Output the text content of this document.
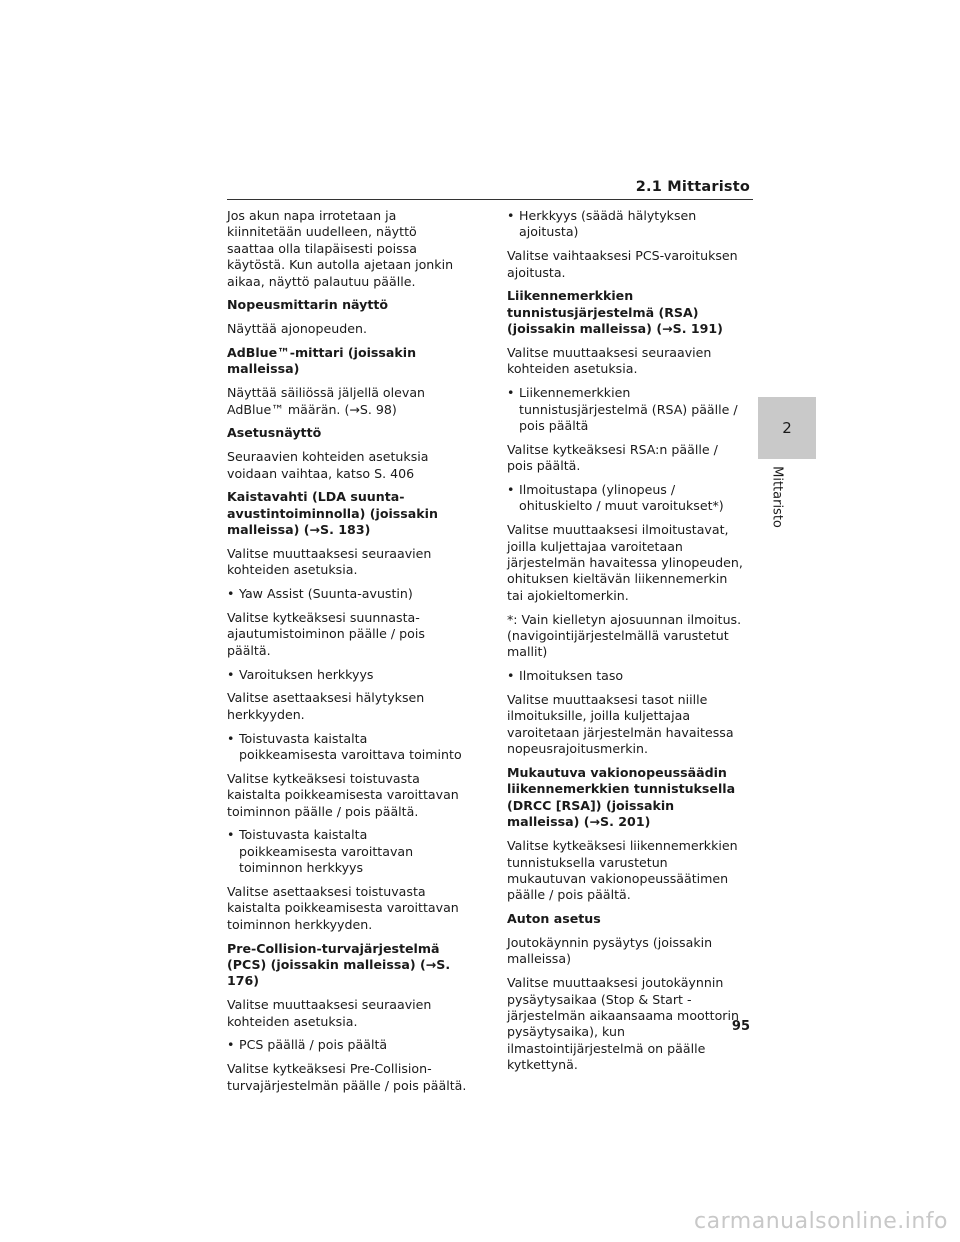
2.1 Mittaristo
Jos akun napa irrotetaan ja kiinnitetään uudelleen, näyttö saattaa olla tilapäisesti poissa käytöstä. Kun autolla ajetaan jonkin aikaa, näyttö palautuu päälle.
Nopeusmittarin näyttö
Näyttää ajonopeuden.
AdBlue™-mittari (joissakin malleissa)
Näyttää säiliössä jäljellä olevan AdBlue™ määrän. (→S. 98)
Asetusnäyttö
Seuraavien kohteiden asetuksia voidaan vaihtaa, katso S. 406
Kaistavahti (LDA suunta-avustintoiminnolla) (joissakin malleissa) (→S. 183)
Valitse muuttaaksesi seuraavien kohteiden asetuksia.
• Yaw Assist (Suunta-avustin)
Valitse kytkeäksesi suunnasta-ajautumistoiminon päälle / pois päältä.
• Varoituksen herkkyys
Valitse asettaaksesi hälytyksen herkkyyden.
• Toistuvasta kaistalta poikkeamisesta varoittava toiminto
Valitse kytkeäksesi toistuvasta kaistalta poikkeamisesta varoittavan toiminnon päälle / pois päältä.
• Toistuvasta kaistalta poikkeamisesta varoittavan toiminnon herkkyys
Valitse asettaaksesi toistuvasta kaistalta poikkeamisesta varoittavan toiminnon herkkyyden.
Pre-Collision-turvajärjestelmä (PCS) (joissakin malleissa) (→S. 176)
Valitse muuttaaksesi seuraavien kohteiden asetuksia.
• PCS päällä / pois päältä
Valitse kytkeäksesi Pre-Collision-turvajärjestelmän päälle / pois päältä.
• Herkkyys (säädä hälytyksen ajoitusta)
Valitse vaihtaaksesi PCS-varoituksen ajoitusta.
Liikennemerkkien tunnistusjärjestelmä (RSA) (joissakin malleissa) (→S. 191)
Valitse muuttaaksesi seuraavien kohteiden asetuksia.
• Liikennemerkkien tunnistusjärjestelmä (RSA) päälle / pois päältä
Valitse kytkeäksesi RSA:n päälle / pois päältä.
• Ilmoitustapa (ylinopeus / ohituskielto / muut varoitukset*)
Valitse muuttaaksesi ilmoitustavat, joilla kuljettajaa varoitetaan järjestelmän havaitessa ylinopeuden, ohituksen kieltävän liikennemerkin tai ajokieltomerkin.
*: Vain kielletyn ajosuunnan ilmoitus. (navigointijärjestelmällä varustetut mallit)
• Ilmoituksen taso
Valitse muuttaaksesi tasot niille ilmoituksille, joilla kuljettajaa varoitetaan järjestelmän havaitessa nopeusrajoitusmerkin.
Mukautuva vakionopeussäädin liikennemerkkien tunnistuksella (DRCC [RSA]) (joissakin malleissa) (→S. 201)
Valitse kytkeäksesi liikennemerkkien tunnistuksella varustetun mukautuvan vakionopeussäätimen päälle / pois päältä.
Auton asetus
Joutokäynnin pysäytys (joissakin malleissa)
Valitse muuttaaksesi joutokäynnin pysäytysaikaa (Stop & Start -järjestelmän aikaansaama moottorin pysäytysaika), kun ilmastointijärjestelmä on päälle kytkettynä.
2
Mittaristo
95
carmanualsonline.info
